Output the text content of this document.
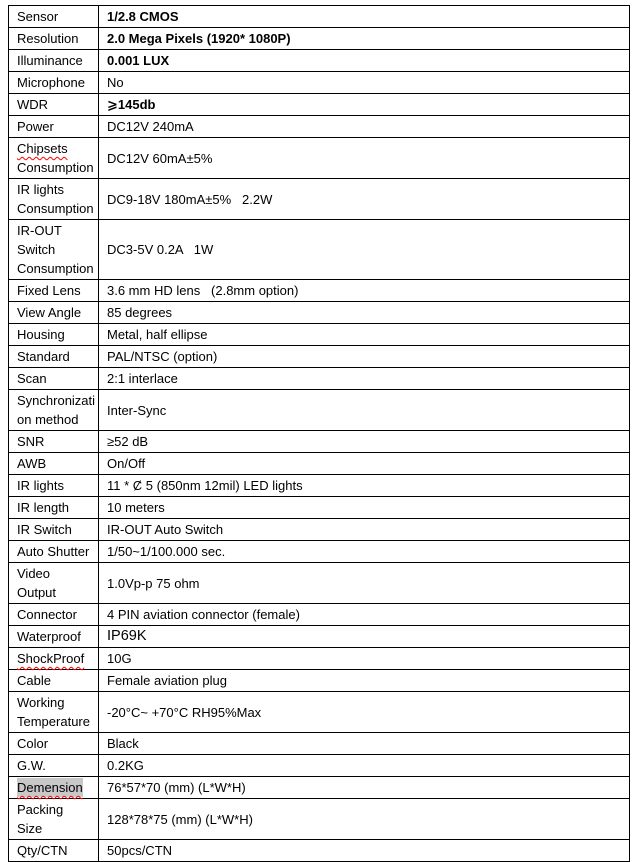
Sensor	1/2.8 CMOS

Resolution	2.0 Mega Pixels (1920* 1080P)

Illuminance	0.001 LUX

Microphone	No

WDR	⩾145db

Power	DC12V 240mA

Chipsets
Consumption	DC12V 60mA±5%

IR lights
Consumption	DC9-18V 180mA±5%   2.2W

IR-OUT
Switch
Consumption	DC3-5V 0.2A   1W

Fixed Lens	3.6 mm HD lens   (2.8mm option)

View Angle	85 degrees

Housing	Metal, half ellipse

Standard	PAL/NTSC (option)

Scan	2:1 interlace

Synchronizati
on method	Inter-Sync

SNR	≥52 dB

AWB	On/Off

IR lights	11 * Ȼ 5 (850nm 12mil) LED lights

IR length	10 meters

IR Switch	IR-OUT Auto Switch

Auto Shutter	1/50~1/100.000 sec.

Video Output	1.0Vp-p 75 ohm

Connector	4 PIN aviation connector (female)

Waterproof	IP69K

ShockProof	10G

Cable	Female aviation plug

Working
Temperature	-20°C~ +70°C RH95%Max

Color	Black

G.W.	0.2KG
Demension	76*57*70 (mm) (L*W*H)

Packing Size	128*78*75 (mm) (L*W*H)

Qty/CTN	50pcs/CTN
